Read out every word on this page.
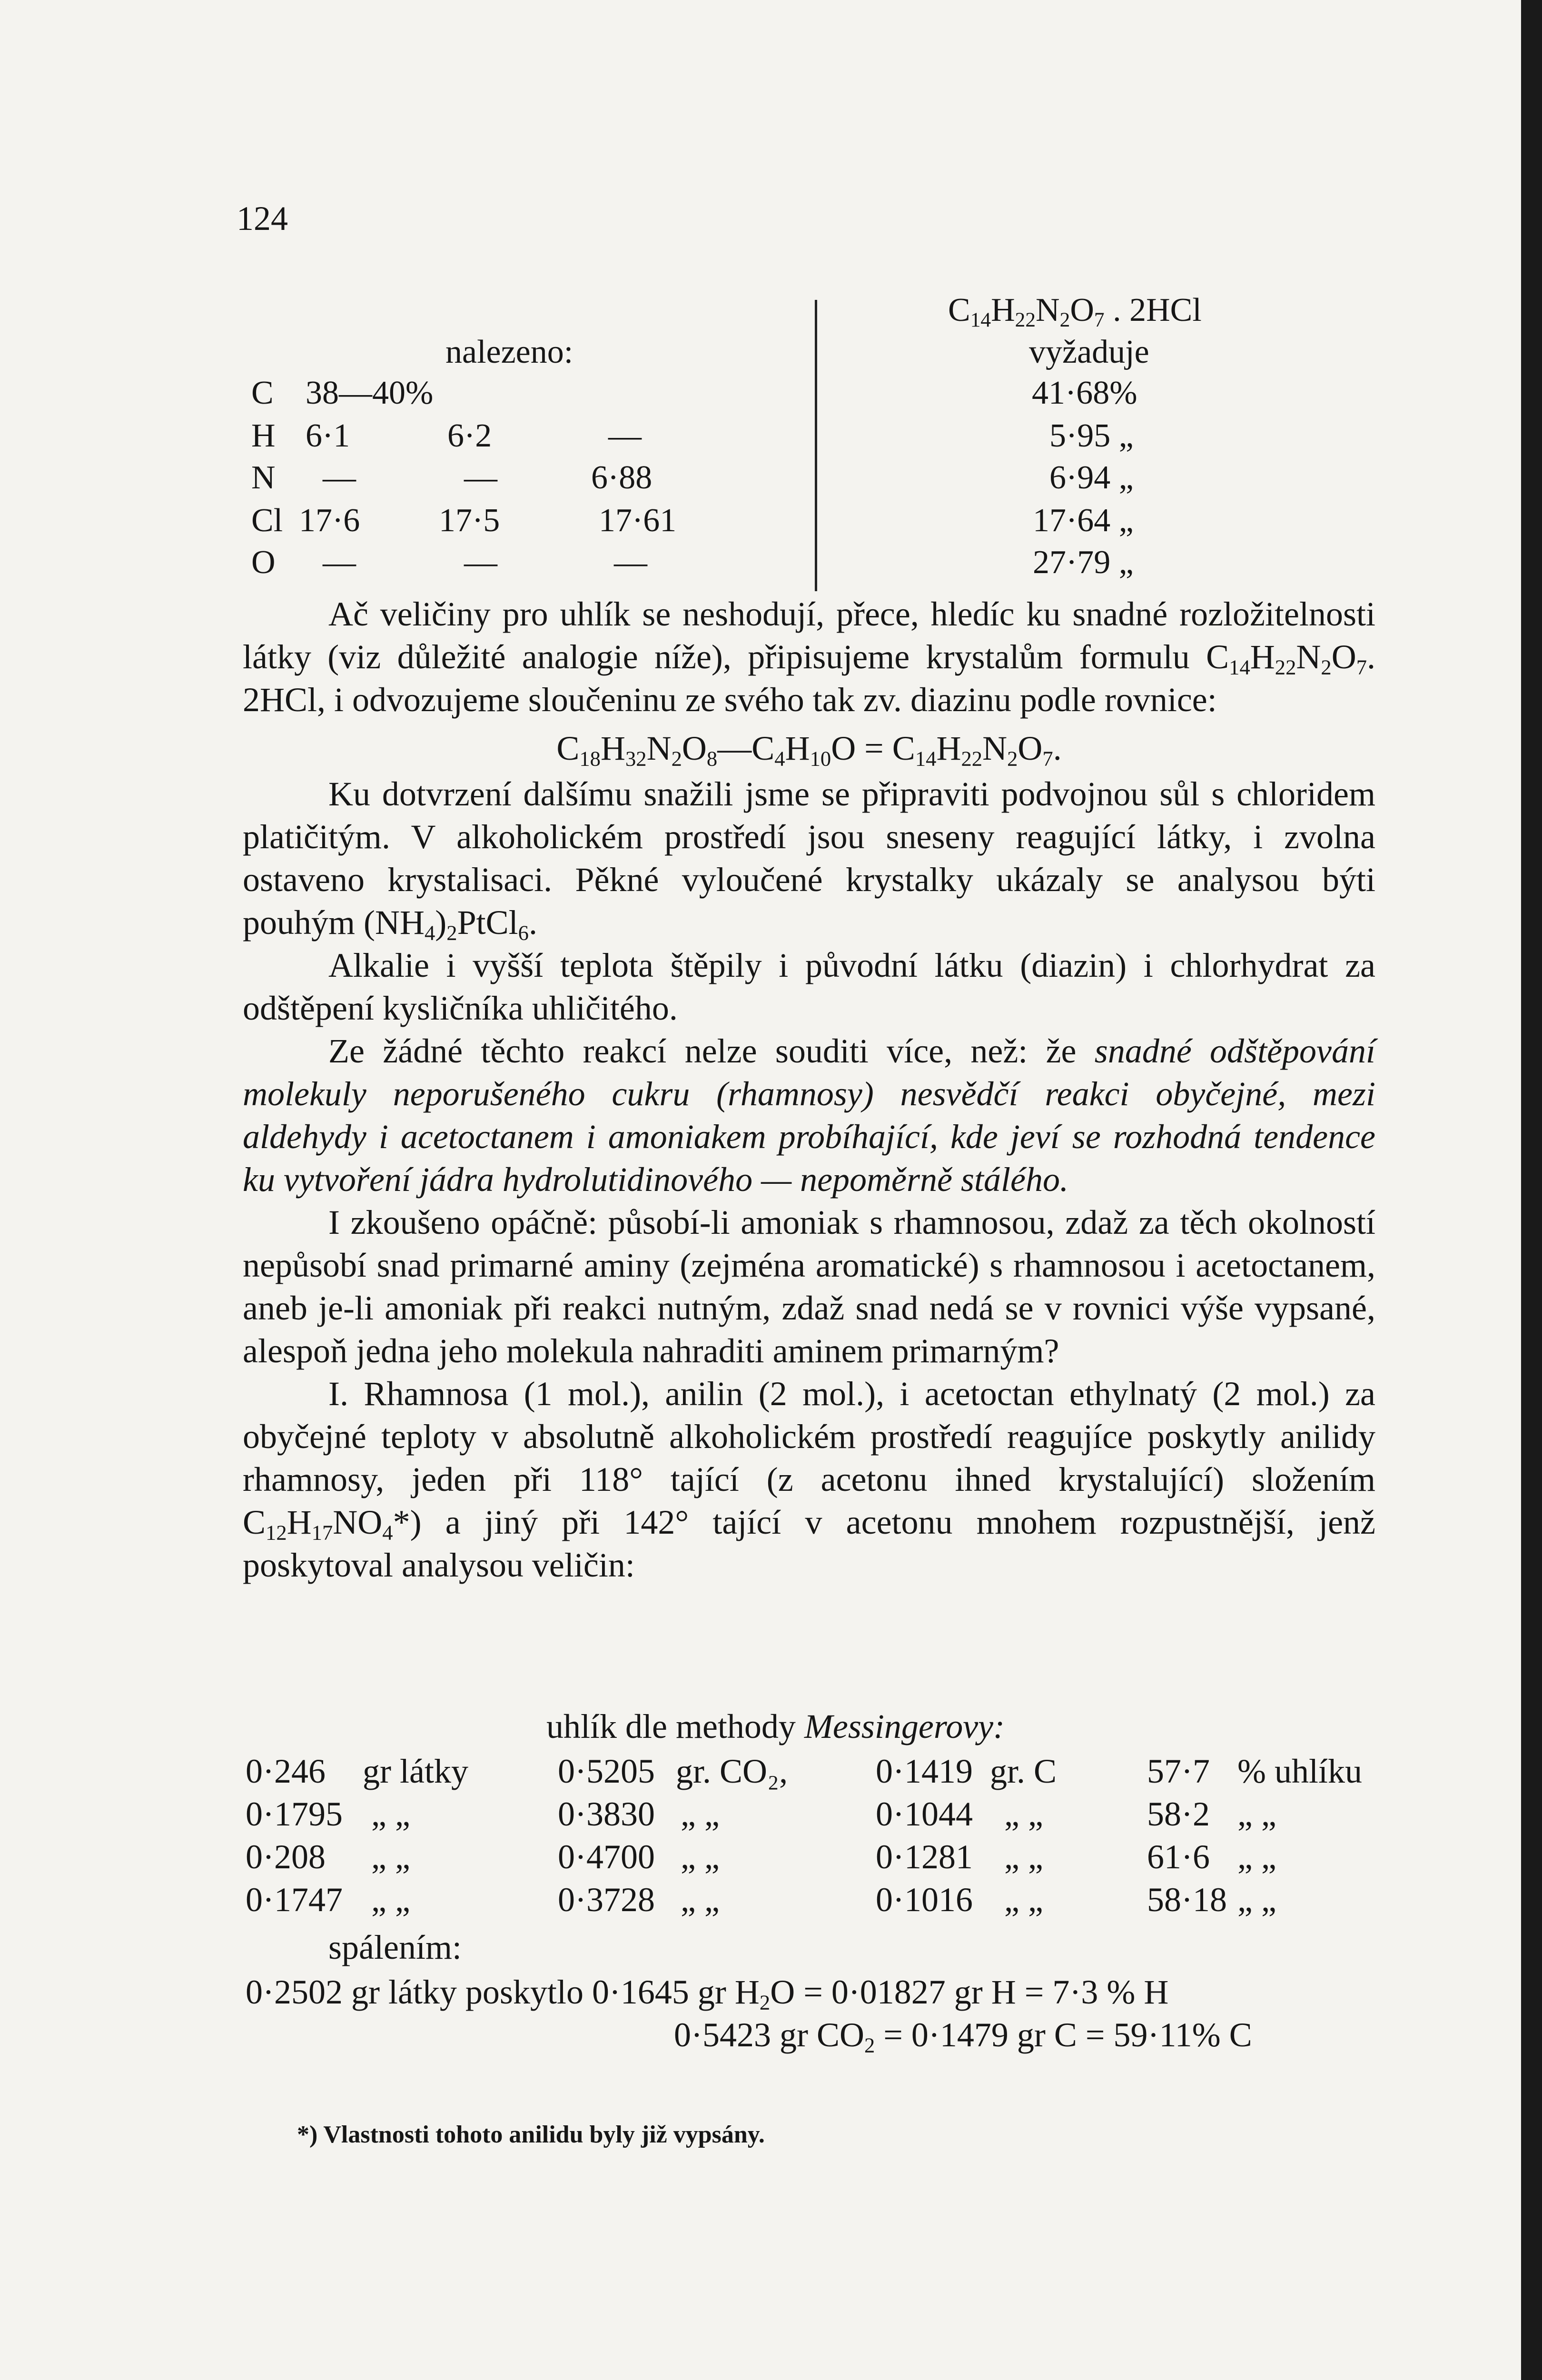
124
nalezeno:
$C_{14}H_{22}N_2O_7$ . 2HCl
vyžaduje
C 38—40%	41·68%
H 6·1	6·2	—	5·95 „
N —	—	6·88	6·94 „
Cl 17·6 17·5	17·61	17·64 „
O —	—	—	27·79 „

Ač veličiny pro uhlík se neshodují, přece, hledíc ku snadné rozložitelnosti látky (viz důležité analogie níže), připisujeme krystalům formulu $C_{14}H_{22}N_2O_7$. 2HCl, i odvozujeme sloučeninu ze svého tak zv. diazinu podle rovnice:

$C_{18}H_{32}N_2O_8—C_4H_{10}O = C_{14}H_{22}N_2O_7$.

Ku dotvrzení dalšímu snažili jsme se připraviti podvojnou sůl s chloridem platičitým. V alkoholickém prostředí jsou sneseny reagující látky, i zvolna ostaveno krystalisaci. Pěkné vyloučené krystalky ukázaly se analysou býti pouhým $(NH_4)_2PtCl_6$.

Alkalie i vyšší teplota štěpily i původní látku (diazin) i chlorhydrat za odštěpení kysličníka uhličitého.

Ze žádné těchto reakcí nelze souditi více, než: že snadné odštěpování molekuly neporušeného cukru (rhamnosy) nesvědčí reakci obyčejné, mezi aldehydy i acetoctanem i amoniakem probíhající, kde jeví se rozhodná tendence ku vytvoření jádra hydrolutidinového — nepoměrně stálého.

I zkoušeno opáčně: působí-li amoniak s rhamnosou, zdaž za těch okolností nepůsobí snad primarné aminy (zejména aromatické) s rhamnosou i acetoctanem, aneb je-li amoniak při reakci nutným, zdaž snad nedá se v rovnici výše vypsané, alespoň jedna jeho molekula nahraditi aminem primarným?

I. Rhamnosa (1 mol.), anilin (2 mol.), i acetoctan ethylnatý (2 mol.) za obyčejné teploty v absolutně alkoholickém prostředí reagujíce poskytly anilidy rhamnosy, jeden při 118° tající (z acetonu ihned krystalující) složením $C_{12}H_{17}NO_4*$) a jiný při 142° tající v acetonu mnohem rozpustnější, jenž poskytoval analysou veličin:

uhlík dle methody Messingerovy:
0·246 gr látky	0·5205 gr. CO₂,	0·1419 gr. C	57·7 % uhlíku
0·1795 „ „	0·3830 „ „	0·1044 „ „	58·2 „ „
0·208 „ „	0·4700 „ „	0·1281 „ „	61·6 „ „
0·1747 „ „	0·3728 „ „	0·1016 „ „	58·18 „ „
spálením:
0·2502 gr látky poskytlo 0·1645 gr $H_2O = 0\cdot 01827$ gr H = 7·3 % H
0·5423 gr $CO_2 = 0\cdot 1479$ gr C = 59·11% C
*) Vlastnosti tohoto anilidu byly již vypsány.
